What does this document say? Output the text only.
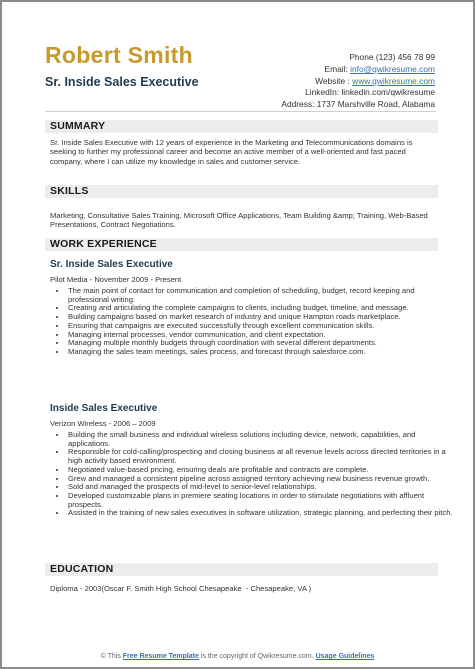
Robert Smith
Sr. Inside Sales Executive
Phone (123) 456 78 99
Email: info@qwikresume.com
Website : www.qwikresume.com
LinkedIn: linkedin.com/qwikresume
Address: 1737 Marshville Road, Alabama
SUMMARY
Sr. Inside Sales Executive with 12 years of experience in the Marketing and Telecommunications domains is seeking to further my professional career and become an active member of a well-oriented and fast paced company, where I can utilize my knowledge in sales and customer service.
SKILLS
Marketing, Consultative Sales Training, Microsoft Office Applications, Team Building &amp; Training, Web-Based Presentations, Contract Negotiations.
WORK EXPERIENCE
Sr. Inside Sales Executive
Pilot Media - November 2009 - Present
• The main point of contact for communication and completion of scheduling, budget, record keeping and professional writing.
• Creating and articulating the complete campaigns to clients, including budget, timeline, and message.
• Building campaigns based on market research of industry and unique Hampton roads marketplace.
• Ensuring that campaigns are executed successfully through excellent communication skills.
• Managing internal processes, vendor communication, and client expectation.
• Managing multiple monthly budgets through coordination with several different departments.
• Managing the sales team meetings, sales process, and forecast through salesforce.com.
Inside Sales Executive
Verizon Wireless - 2006 – 2009
• Building the small business and individual wireless solutions including device, network, capabilities, and applications.
• Responsible for cold-calling/prospecting and closing business at all revenue levels across directed territories in a high activity based environment.
• Negotiated value-based pricing, ensuring deals are profitable and contracts are complete.
• Grew and managed a consistent pipeline across assigned territory achieving new business revenue growth.
• Sold and managed the prospects of mid-level to senior-level relationships.
• Developed customizable plans in premiere seating locations in order to stimulate negotiations with affluent prospects.
• Assisted in the training of new sales executives in software utilization, strategic planning, and perfecting their pitch.
EDUCATION
Diploma - 2003(Oscar F. Smith High School Chesapeake  - Chesapeake, VA )
© This Free Resume Template is the copyright of Qwikresume.com. Usage Guidelines
